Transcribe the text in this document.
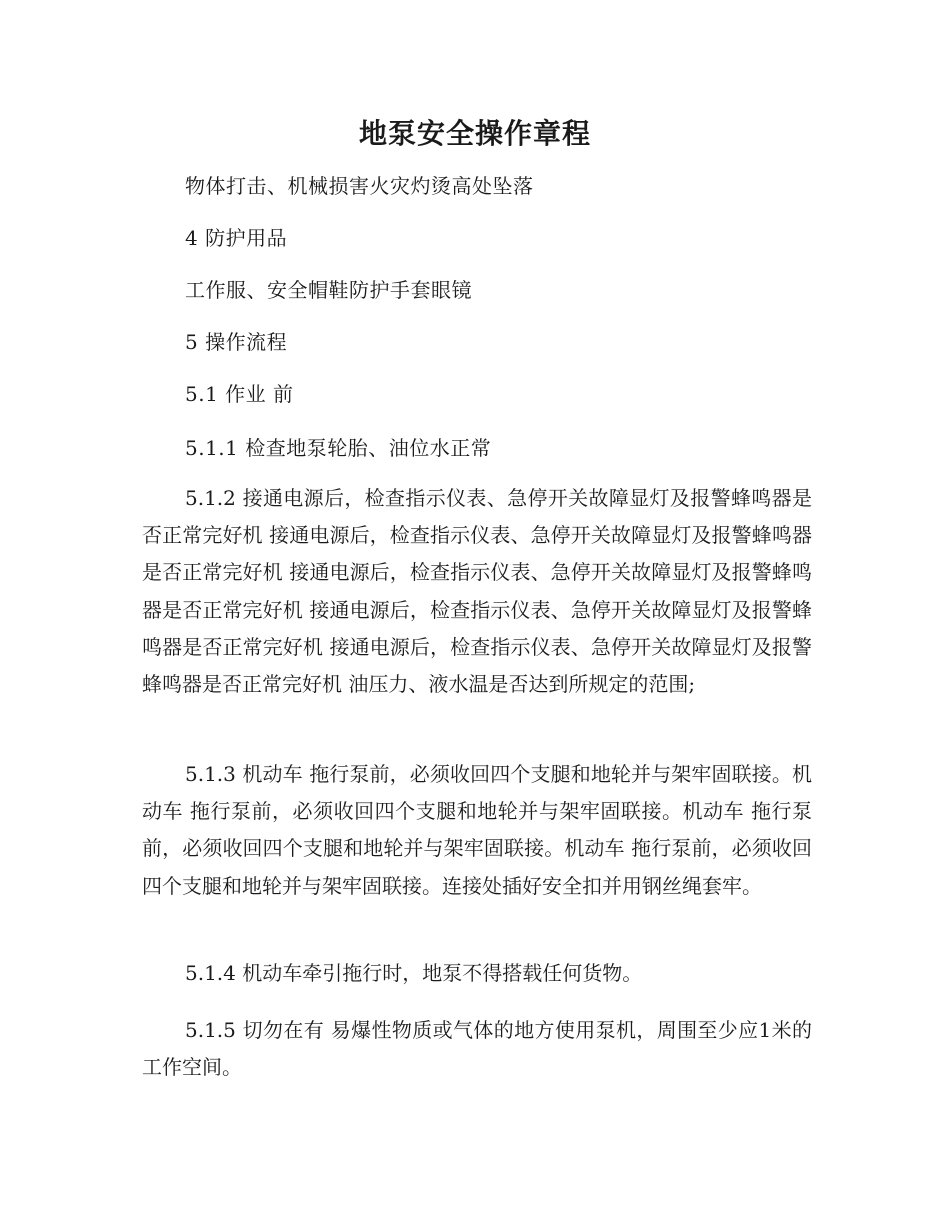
地泵安全操作章程

物体打击、机械损害火灾灼烫高处坠落

4 防护用品

工作服、安全帽鞋防护手套眼镜

5 操作流程

5.1 作业 前

5.1.1 检查地泵轮胎、油位水正常

5.1.2 接通电源后，检查指示仪表、急停开关故障显灯及报警蜂鸣器是否正常完好机 接通电源后，检查指示仪表、急停开关故障显灯及报警蜂鸣器是否正常完好机 接通电源后，检查指示仪表、急停开关故障显灯及报警蜂鸣器是否正常完好机 接通电源后，检查指示仪表、急停开关故障显灯及报警蜂鸣器是否正常完好机 接通电源后，检查指示仪表、急停开关故障显灯及报警蜂鸣器是否正常完好机 油压力、液水温是否达到所规定的范围;

5.1.3 机动车 拖行泵前，必须收回四个支腿和地轮并与架牢固联接。机动车 拖行泵前，必须收回四个支腿和地轮并与架牢固联接。机动车 拖行泵前，必须收回四个支腿和地轮并与架牢固联接。机动车 拖行泵前，必须收回四个支腿和地轮并与架牢固联接。连接处插好安全扣并用钢丝绳套牢。

5.1.4 机动车牵引拖行时，地泵不得搭载任何货物。

5.1.5 切勿在有 易爆性物质或气体的地方使用泵机，周围至少应1米的工作空间。
